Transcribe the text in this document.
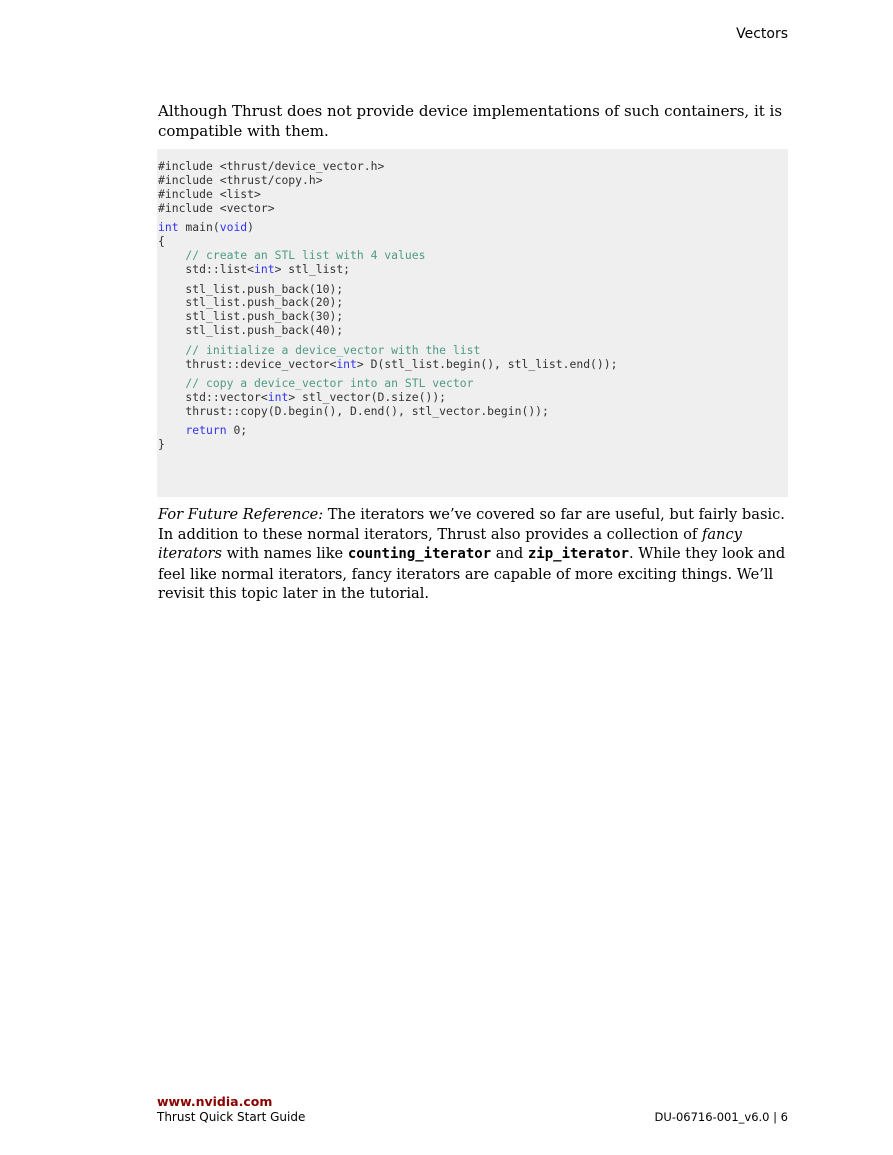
Vectors
Although Thrust does not provide device implementations of such containers, it is compatible with them.
#include <thrust/device_vector.h>
#include <thrust/copy.h>
#include <list>
#include <vector>
int main(void)
{
// create an STL list with 4 values
std::list<int> stl_list;
stl_list.push_back(10);
stl_list.push_back(20);
stl_list.push_back(30);
stl_list.push_back(40);
// initialize a device_vector with the list
thrust::device_vector<int> D(stl_list.begin(), stl_list.end());
// copy a device_vector into an STL vector
std::vector<int> stl_vector(D.size());
thrust::copy(D.begin(), D.end(), stl_vector.begin());
return 0;
}
For Future Reference: The iterators we’ve covered so far are useful, but fairly basic. In addition to these normal iterators, Thrust also provides a collection of fancy iterators with names like counting_iterator and zip_iterator. While they look and feel like normal iterators, fancy iterators are capable of more exciting things. We’ll revisit this topic later in the tutorial.
www.nvidia.com
Thrust Quick Start Guide	DU-06716-001_v6.0 | 6
